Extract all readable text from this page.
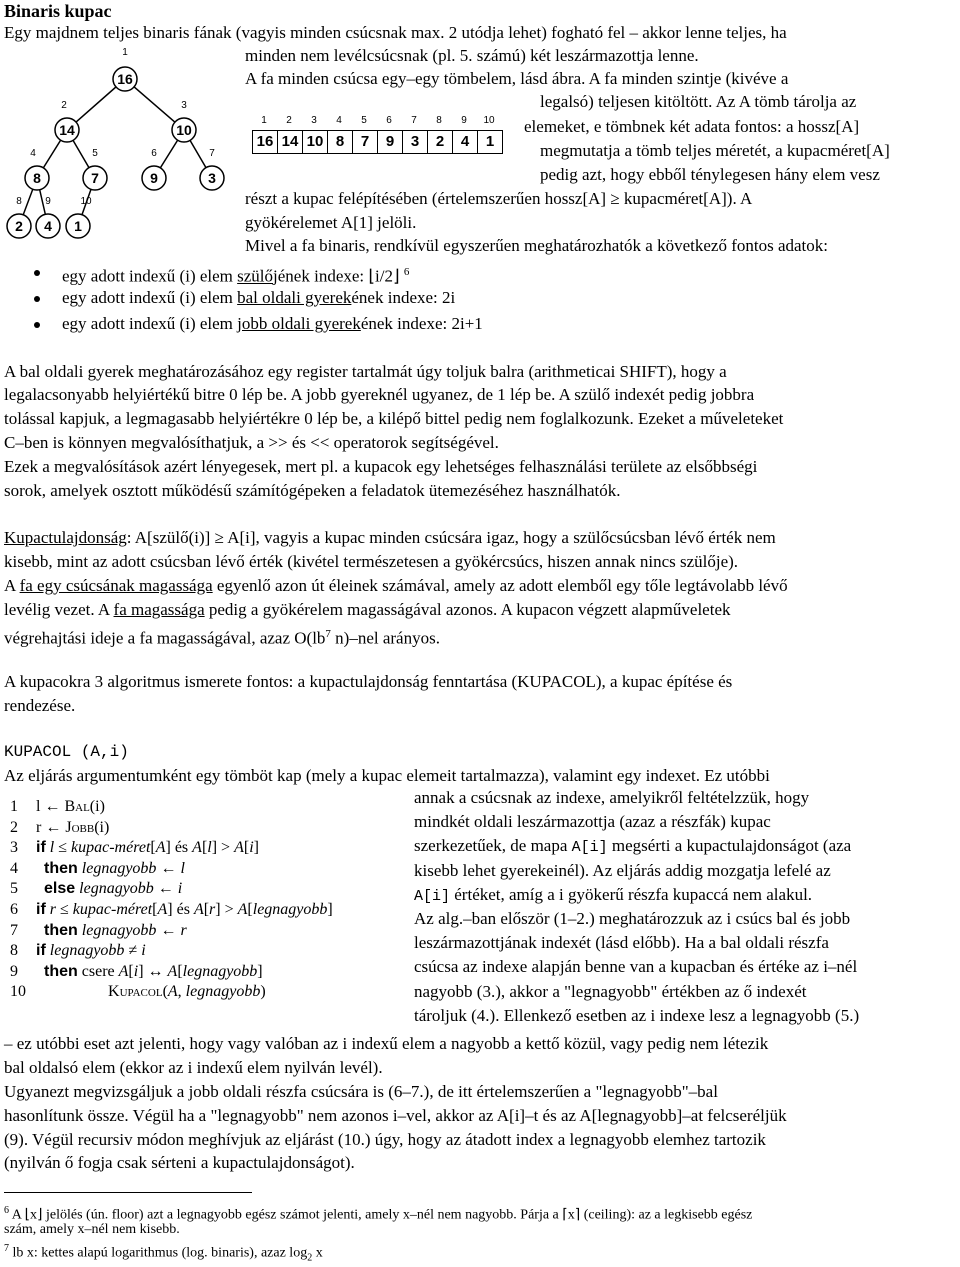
Binaris kupac
Egy majdnem teljes binaris fának (vagyis minden csúcsnak max. 2 utódja lehet) fogható fel – akkor lenne teljes, ha
minden nem levélcsúcsnak (pl. 5. számú) két leszármazottja lenne.
A fa minden csúcsa egy–egy tömbelem, lásd ábra. A fa minden szintje (kivéve a
legalsó) teljesen kitöltött. Az A tömb tárolja az
elemeket, e tömbnek két adata fontos: a hossz[A]
megmutatja a tömb teljes méretét, a kupacméret[A]
pedig azt, hogy ebből ténylegesen hány elem vesz
részt a kupac felépítésében (értelemszerűen hossz[A] ≥ kupacméret[A]). A
gyökérelemet A[1] jelöli.
Mivel a fa binaris, rendkívül egyszerűen meghatározhatók a következő fontos adatok:
16
1
14
2
10
3
8
4
7
5
9
6
3
7
2
8
4
9
1
10
1
16
2
14
3
10
4
8
5
7
6
9
7
3
8
2
9
4
10
1
egy adott indexű (i) elem szülőjének indexe: ⌊i/2⌋ $^6$
egy adott indexű (i) elem bal oldali gyerekének indexe: 2i
egy adott indexű (i) elem jobb oldali gyerekének indexe: 2i+1
A bal oldali gyerek meghatározásához egy register tartalmát úgy toljuk balra (arithmeticai SHIFT), hogy a
legalacsonyabb helyiértékű bitre 0 lép be. A jobb gyereknél ugyanez, de 1 lép be. A szülő indexét pedig jobbra
tolással kapjuk, a legmagasabb helyiértékre 0 lép be, a kilépő bittel pedig nem foglalkozunk. Ezeket a műveleteket
C–ben is könnyen megvalósíthatjuk, a >> és << operatorok segítségével.
Ezek a megvalósítások azért lényegesek, mert pl. a kupacok egy lehetséges felhasználási területe az elsőbbségi
sorok, amelyek osztott működésű számítógépeken a feladatok ütemezéséhez használhatók.
Kupactulajdonság: A[szülő(i)] ≥ A[i], vagyis a kupac minden csúcsára igaz, hogy a szülőcsúcsban lévő érték nem
kisebb, mint az adott csúcsban lévő érték (kivétel természetesen a gyökércsúcs, hiszen annak nincs szülője).
A fa egy csúcsának magassága egyenlő azon út éleinek számával, amely az adott elemből egy tőle legtávolabb lévő
levélig vezet. A fa magassága pedig a gyökérelem magasságával azonos. A kupacon végzett alapműveletek
végrehajtási ideje a fa magasságával, azaz $O(lb^7$ n)–nel arányos.
A kupacokra 3 algoritmus ismerete fontos: a kupactulajdonság fenntartása (KUPACOL), a kupac építése és
rendezése.
KUPACOL (A,i)
Az eljárás argumentumként egy tömböt kap (mely a kupac elemeit tartalmazza), valamint egy indexet. Ez utóbbi
1 l ← Bal(i)
2 r ← Jobb(i)
3 if l ≤ kupac-méret[A] és A[l] > A[i]
4 then legnagyobb ← l
5 else legnagyobb ← i
6 if r ≤ kupac-méret[A] és A[r] > A[legnagyobb]
7 then legnagyobb ← r
8 if legnagyobb ≠ i
9 then csere A[i] ↔ A[legnagyobb]
10                  Kupacol(A, legnagyobb)
annak a csúcsnak az indexe, amelyikről feltételzzük, hogy
mindkét oldali leszármazottja (azaz a részfák) kupac
szerkezetűek, de mapa A[i] megsérti a kupactulajdonságot (aza
kisebb lehet gyerekeinél). Az eljárás addig mozgatja lefelé az
A[i] értéket, amíg a i gyökerű részfa kupaccá nem alakul.
Az alg.–ban először (1–2.) meghatározzuk az i csúcs bal és jobb
leszármazottjának indexét (lásd előbb). Ha a bal oldali részfa
csúcsa az indexe alapján benne van a kupacban és értéke az i–nél
nagyobb (3.), akkor a "legnagyobb" értékben az ő indexét
tároljuk (4.). Ellenkező esetben az i indexe lesz a legnagyobb (5.)
– ez utóbbi eset azt jelenti, hogy vagy valóban az i indexű elem a nagyobb a kettő közül, vagy pedig nem létezik
bal oldalsó elem (ekkor az i indexű elem nyilván levél).
Ugyanezt megvizsgáljuk a jobb oldali részfa csúcsára is (6–7.), de itt értelemszerűen a "legnagyobb"–bal
hasonlítunk össze. Végül ha a "legnagyobb" nem azonos i–vel, akkor az A[i]–t és az A[legnagyobb]–at felcseréljük
(9). Végül recursiv módon meghívjuk az eljárást (10.) úgy, hogy az átadott index a legnagyobb elemhez tartozik
(nyilván ő fogja csak sérteni a kupactulajdonságot).
$^6$ A ⌊x⌋ jelölés (ún. floor) azt a legnagyobb egész számot jelenti, amely x–nél nem nagyobb. Párja a ⌈x⌉ (ceiling): az a legkisebb egész
szám, amely x–nél nem kisebb.
$^7$ lb x: kettes alapú logarithmus (log. binaris), azaz $\log_2 x$
